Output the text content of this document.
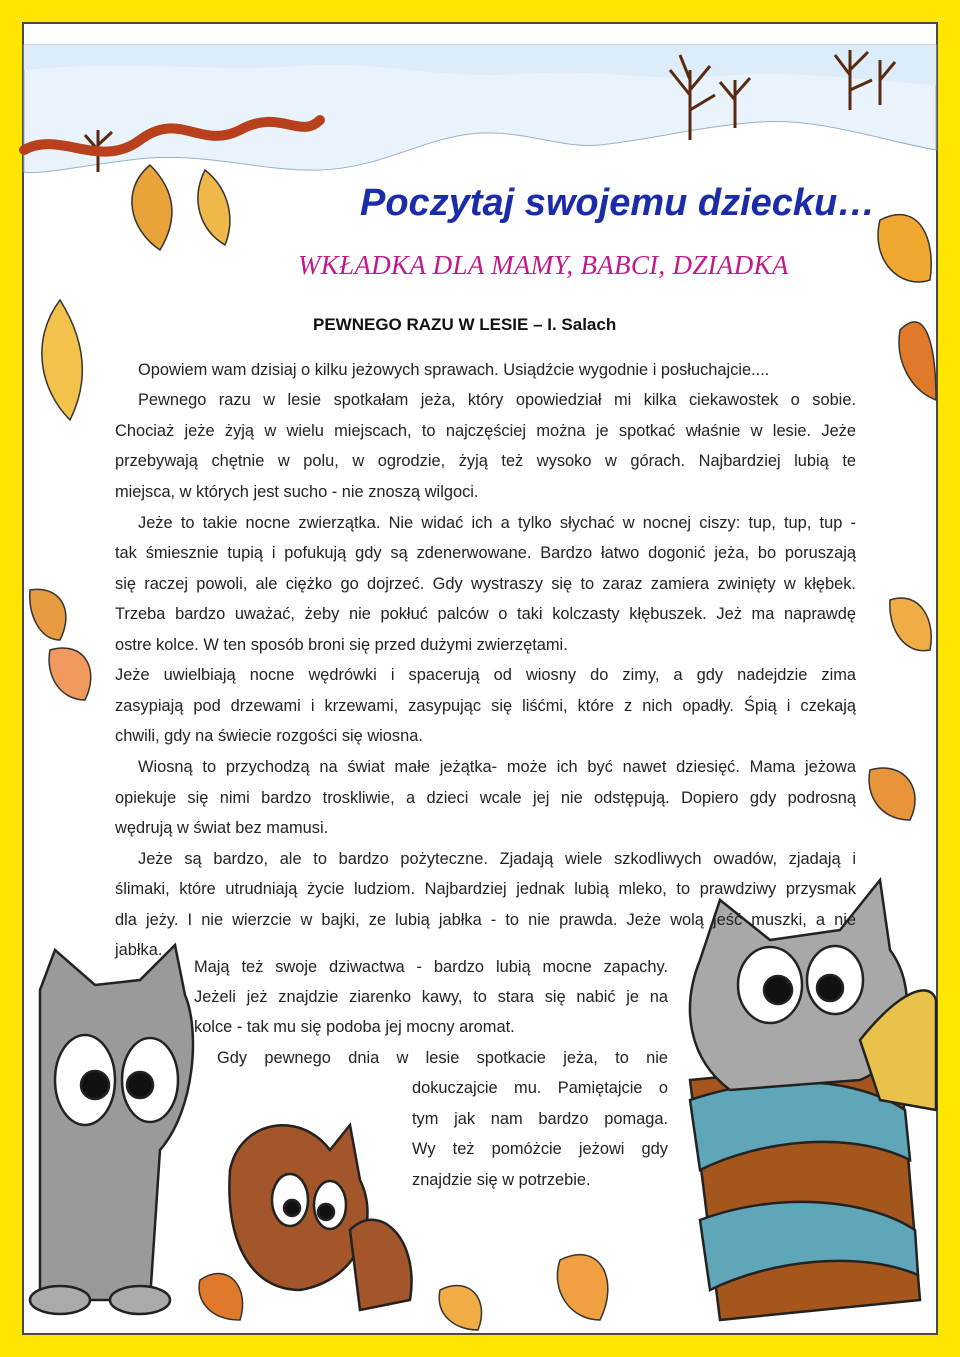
Poczytaj swojemu dziecku…
WKŁADKA DLA MAMY, BABCI, DZIADKA
PEWNEGO RAZU W LESIE – I. Salach
Opowiem wam dzisiaj o kilku jeżowych sprawach. Usiądźcie wygodnie i posłuchajcie....
Pewnego razu w lesie spotkałam jeża, który opowiedział mi kilka ciekawostek o sobie.
Chociaż jeże żyją w wielu miejscach, to najczęściej można je spotkać właśnie w lesie. Jeże
przebywają chętnie w polu, w ogrodzie, żyją też wysoko w górach. Najbardziej lubią te
miejsca, w których jest sucho - nie znoszą wilgoci.
Jeże to takie nocne zwierzątka. Nie widać ich a tylko słychać w nocnej ciszy: tup, tup, tup -
tak śmiesznie tupią i pofukują gdy są zdenerwowane. Bardzo łatwo dogonić jeża, bo poruszają
się raczej powoli, ale ciężko go dojrzeć. Gdy wystraszy się to zaraz zamiera zwinięty w kłębek.
Trzeba bardzo uważać, żeby nie pokłuć palców o taki kolczasty kłębuszek. Jeż ma naprawdę
ostre kolce. W ten sposób broni się przed dużymi zwierzętami.
Jeże uwielbiają nocne wędrówki i spacerują od wiosny do zimy, a gdy nadejdzie zima
zasypiają pod drzewami i krzewami, zasypując się liśćmi, które z nich opadły. Śpią i czekają
chwili, gdy na świecie rozgości się wiosna.
Wiosną to przychodzą na świat małe jeżątka- może ich być nawet dziesięć. Mama jeżowa
opiekuje się nimi bardzo troskliwie, a dzieci wcale jej nie odstępują. Dopiero gdy podrosną
wędrują w świat bez mamusi.
Jeże są bardzo, ale to bardzo pożyteczne. Zjadają wiele szkodliwych owadów, zjadają i
ślimaki, które utrudniają życie ludziom. Najbardziej jednak lubią mleko, to prawdziwy przysmak
dla jeży. I nie wierzcie w bajki, ze lubią jabłka - to nie prawda. Jeże wolą jeść muszki, a nie
jabłka.
Mają też swoje dziwactwa - bardzo lubią mocne zapachy.
Jeżeli jeż znajdzie ziarenko kawy, to stara się nabić je na
kolce - tak mu się podoba jej mocny aromat.
Gdy pewnego dnia w lesie spotkacie jeża, to nie
dokuczajcie mu. Pamiętajcie o
tym jak nam bardzo pomaga.
Wy też pomóżcie jeżowi gdy
znajdzie się w potrzebie.
